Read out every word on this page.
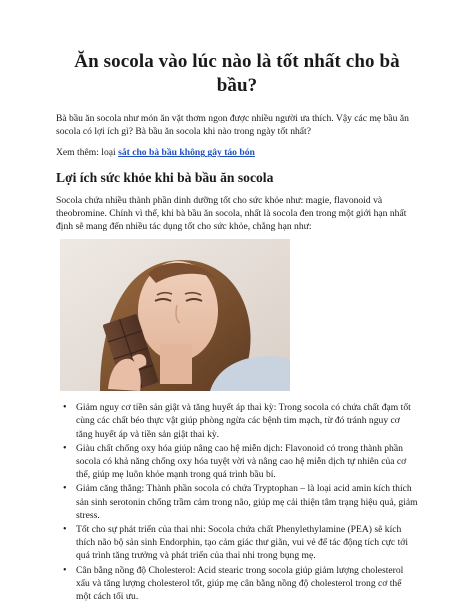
Ăn socola vào lúc nào là tốt nhất cho bà bầu?

Bà bầu ăn socola như món ăn vặt thơm ngon được nhiều người ưa thích. Vậy các mẹ bầu ăn socola có lợi ích gì? Bà bầu ăn socola khi nào trong ngày tốt nhất?

Xem thêm: loại sắt cho bà bầu không gây táo bón

Lợi ích sức khỏe khi bà bầu ăn socola

Socola chứa nhiều thành phần dinh dưỡng tốt cho sức khỏe như: magie, flavonoid và theobromine. Chính vì thế, khi bà bầu ăn socola, nhất là socola đen trong một giới hạn nhất định sẽ mang đến nhiều tác dụng tốt cho sức khỏe, chẳng hạn như:

• Giảm nguy cơ tiền sản giật và tăng huyết áp thai kỳ: Trong socola có chứa chất đạm tốt cùng các chất béo thực vật giúp phòng ngừa các bệnh tim mạch, từ đó tránh nguy cơ tăng huyết áp và tiền sản giật thai kỳ.
• Giàu chất chống oxy hóa giúp nâng cao hệ miễn dịch: Flavonoid có trong thành phần socola có khả năng chống oxy hóa tuyệt vời và nâng cao hệ miễn dịch tự nhiên của cơ thể, giúp mẹ luôn khỏe mạnh trong quá trình bầu bí.
• Giảm căng thẳng: Thành phần socola có chứa Tryptophan – là loại acid amin kích thích sản sinh serotonin chống trầm cảm trong não, giúp mẹ cải thiện tâm trạng hiệu quả, giảm stress.
• Tốt cho sự phát triển của thai nhi: Socola chứa chất Phenylethylamine (PEA) sẽ kích thích não bộ sản sinh Endorphin, tạo cảm giác thư giãn, vui vẻ để tác động tích cực tới quá trình tăng trưởng và phát triển của thai nhi trong bụng mẹ.
• Cân bằng nồng độ Cholesterol: Acid stearic trong socola giúp giảm lượng cholesterol xấu và tăng lượng cholesterol tốt, giúp mẹ cân bằng nồng độ cholesterol trong cơ thể một cách tối ưu.
